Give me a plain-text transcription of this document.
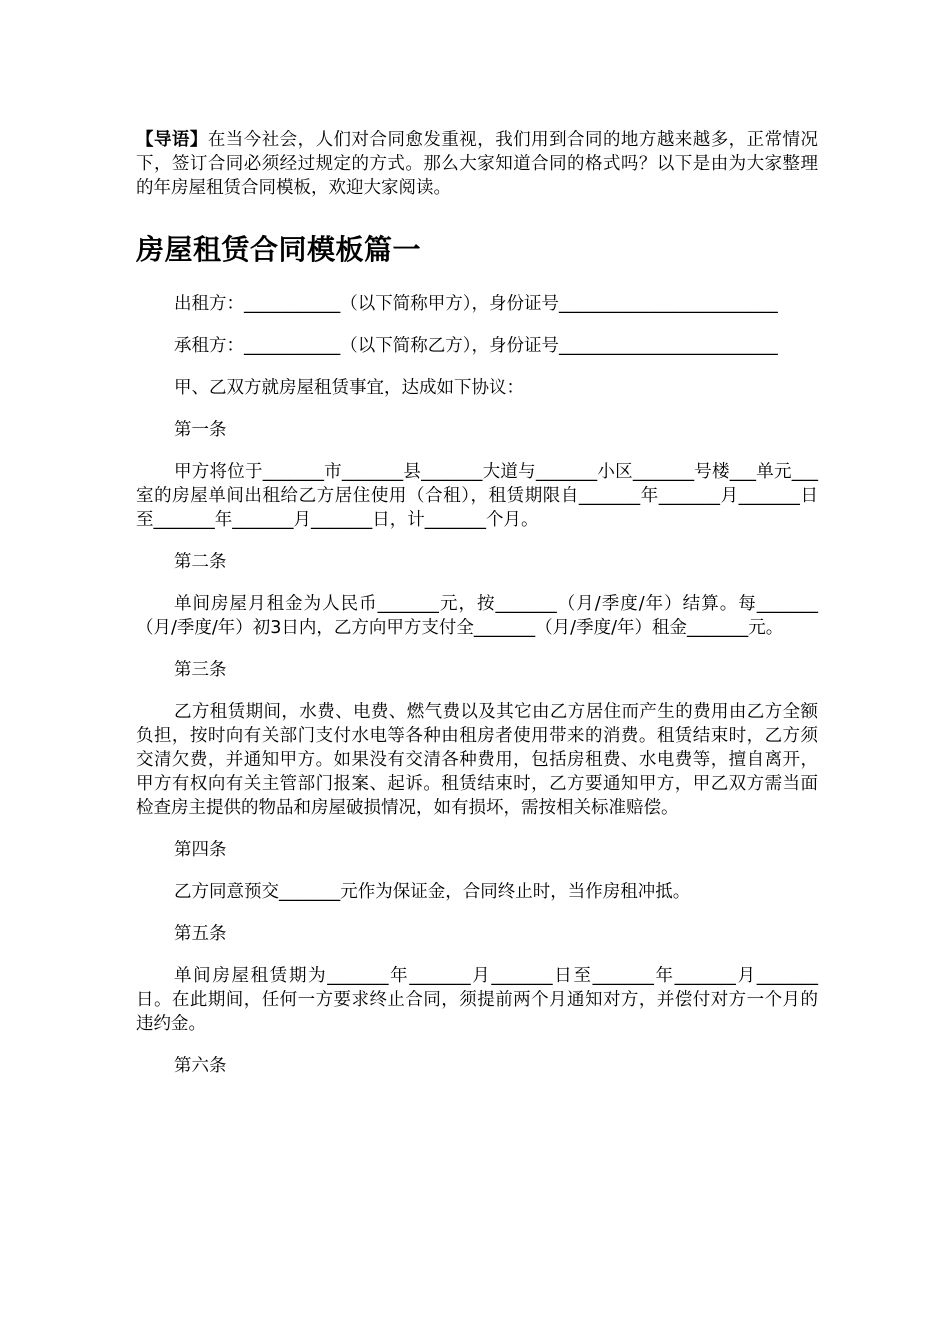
【导语】在当今社会，人们对合同愈发重视，我们用到合同的地方越来越多，正常情况下，签订合同必须经过规定的方式。那么大家知道合同的格式吗？以下是由为大家整理的年房屋租赁合同模板，欢迎大家阅读。

房屋租赁合同模板篇一

出租方：___________（以下简称甲方），身份证号_________________________

承租方：___________（以下简称乙方），身份证号_________________________

甲、乙双方就房屋租赁事宜，达成如下协议：

第一条

甲方将位于_______市_______县_______大道与_______小区_______号楼___单元___室的房屋单间出租给乙方居住使用（合租），租赁期限自_______年_______月_______日至_______年_______月_______日，计_______个月。

第二条

单间房屋月租金为人民币_______元，按_______（月/季度/年）结算。每_______（月/季度/年）初3日内，乙方向甲方支付全_______（月/季度/年）租金_______元。

第三条

乙方租赁期间，水费、电费、燃气费以及其它由乙方居住而产生的费用由乙方全额负担，按时向有关部门支付水电等各种由租房者使用带来的消费。租赁结束时，乙方须交清欠费，并通知甲方。如果没有交清各种费用，包括房租费、水电费等，擅自离开，甲方有权向有关主管部门报案、起诉。租赁结束时，乙方要通知甲方，甲乙双方需当面检查房主提供的物品和房屋破损情况，如有损坏，需按相关标准赔偿。

第四条

乙方同意预交_______元作为保证金，合同终止时，当作房租冲抵。

第五条

单间房屋租赁期为_______年_______月_______日至_______年_______月_______日。在此期间，任何一方要求终止合同，须提前两个月通知对方，并偿付对方一个月的违约金。

第六条
